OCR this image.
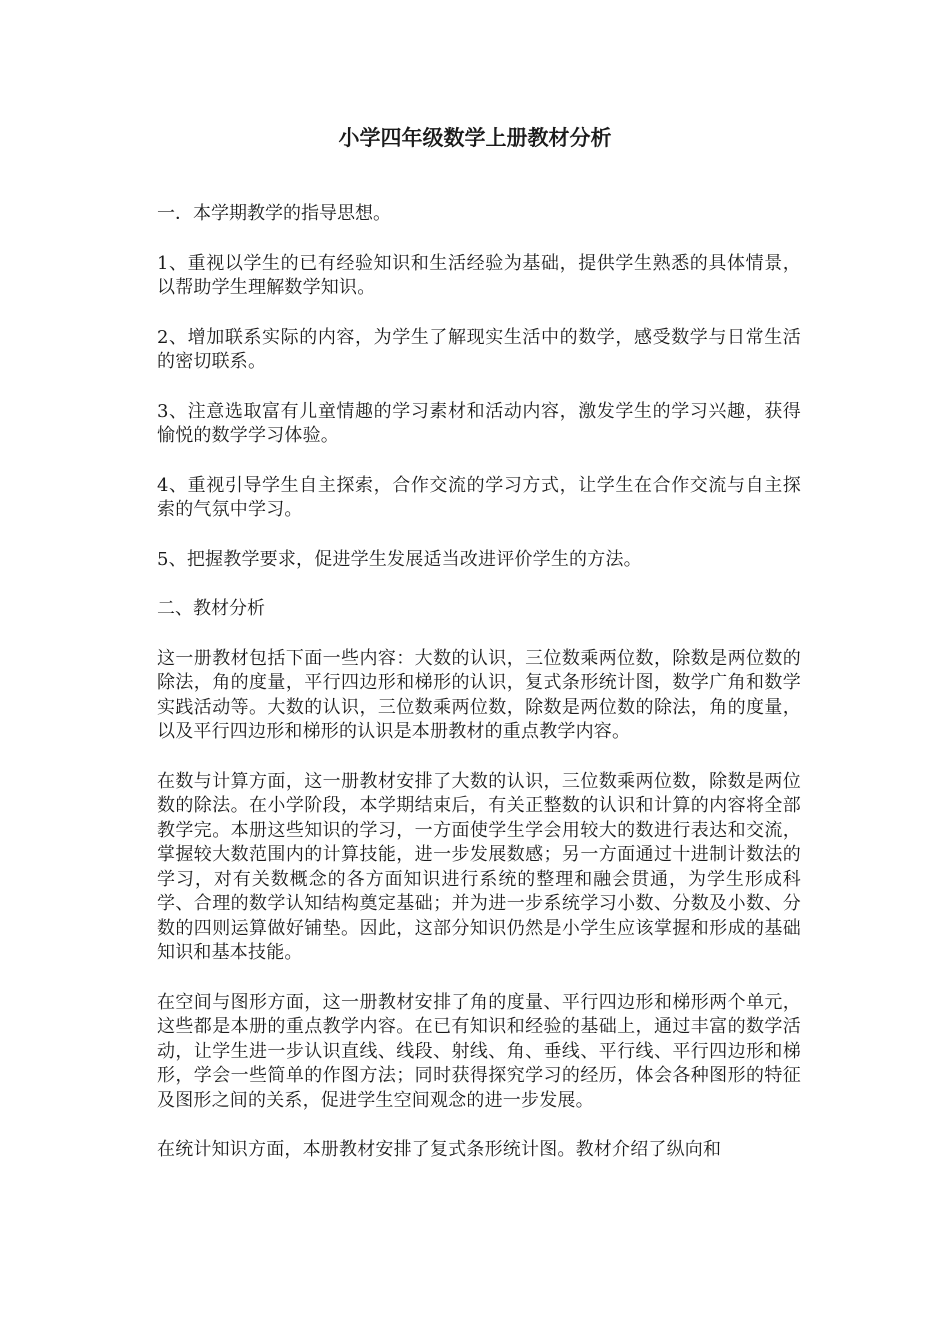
小学四年级数学上册教材分析

一．本学期教学的指导思想。

1、重视以学生的已有经验知识和生活经验为基础，提供学生熟悉的具体情景，以帮助学生理解数学知识。

2、增加联系实际的内容，为学生了解现实生活中的数学，感受数学与日常生活的密切联系。

3、注意选取富有儿童情趣的学习素材和活动内容，激发学生的学习兴趣，获得愉悦的数学学习体验。

4、重视引导学生自主探索，合作交流的学习方式，让学生在合作交流与自主探索的气氛中学习。

5、把握教学要求，促进学生发展适当改进评价学生的方法。

二、教材分析

这一册教材包括下面一些内容：大数的认识，三位数乘两位数，除数是两位数的除法，角的度量，平行四边形和梯形的认识，复式条形统计图，数学广角和数学实践活动等。大数的认识，三位数乘两位数，除数是两位数的除法，角的度量，以及平行四边形和梯形的认识是本册教材的重点教学内容。

在数与计算方面，这一册教材安排了大数的认识，三位数乘两位数，除数是两位数的除法。在小学阶段，本学期结束后，有关正整数的认识和计算的内容将全部教学完。本册这些知识的学习，一方面使学生学会用较大的数进行表达和交流，掌握较大数范围内的计算技能，进一步发展数感；另一方面通过十进制计数法的学习，对有关数概念的各方面知识进行系统的整理和融会贯通，为学生形成科学、合理的数学认知结构奠定基础；并为进一步系统学习小数、分数及小数、分数的四则运算做好铺垫。因此，这部分知识仍然是小学生应该掌握和形成的基础知识和基本技能。

在空间与图形方面，这一册教材安排了角的度量、平行四边形和梯形两个单元，这些都是本册的重点教学内容。在已有知识和经验的基础上，通过丰富的数学活动，让学生进一步认识直线、线段、射线、角、垂线、平行线、平行四边形和梯形，学会一些简单的作图方法；同时获得探究学习的经历，体会各种图形的特征及图形之间的关系，促进学生空间观念的进一步发展。

在统计知识方面，本册教材安排了复式条形统计图。教材介绍了纵向和
